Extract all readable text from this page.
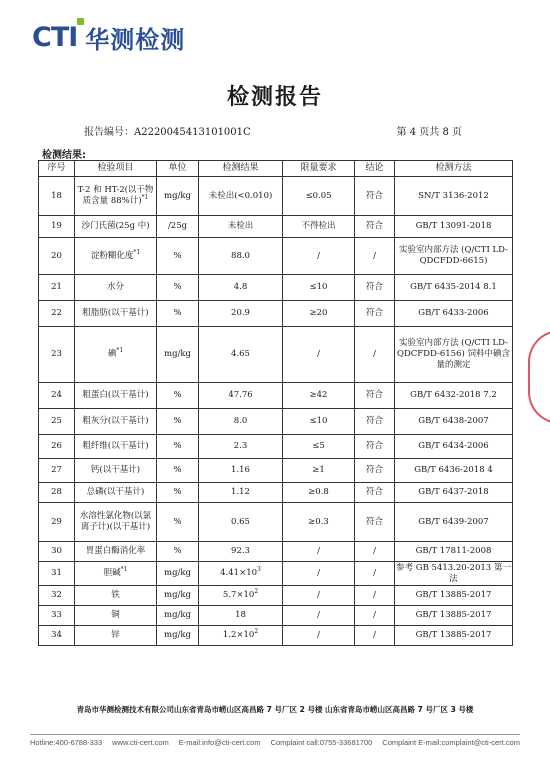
CTI 华测检测
检测报告
报告编号：A2220045413101001C	第 4 页共 8 页
检测结果:
序号	检验项目	单位	检测结果	限量要求	结论	检测方法
18	T-2 和 HT-2(以干物质含量 88%计)$^{*1}$	mg/kg	未检出(<0.010)	≤0.05	符合	SN/T 3136-2012
19	沙门氏菌(25g 中)	/25g	未检出	不得检出	符合	GB/T 13091-2018
20	淀粉糊化度$^{*1}$	%	88.0	/	/	实验室内部方法 (Q/CTI LD-QDCFDD-6615)
21	水分	%	4.8	≤10	符合	GB/T 6435-2014 8.1
22	粗脂肪(以干基计)	%	20.9	≥20	符合	GB/T 6433-2006
23	碘$^{*1}$	mg/kg	4.65	/	/	实验室内部方法 (Q/CTI LD-QDCFDD-6156) 饲料中碘含量的测定
24	粗蛋白(以干基计)	%	47.76	≥42	符合	GB/T 6432-2018 7.2
25	粗灰分(以干基计)	%	8.0	≤10	符合	GB/T 6438-2007
26	粗纤维(以干基计)	%	2.3	≤5	符合	GB/T 6434-2006
27	钙(以干基计)	%	1.16	≥1	符合	GB/T 6436-2018 4
28	总磷(以干基计)	%	1.12	≥0.8	符合	GB/T 6437-2018
29	水溶性氯化物(以氯离子计)(以干基计)	%	0.65	≥0.3	符合	GB/T 6439-2007
30	胃蛋白酶消化率	%	92.3	/	/	GB/T 17811-2008
31	胆碱$^{*1}$	mg/kg	$4.41\times 10^3$	/	/	参考 GB 5413.20-2013 第一法
32	铁	mg/kg	$5.7\times 10^2$	/	/	GB/T 13885-2017
33	铜	mg/kg	18	/	/	GB/T 13885-2017
34	锌	mg/kg	$1.2\times 10^2$	/	/	GB/T 13885-2017
青岛市华测检测技术有限公司山东省青岛市崂山区高昌路 7 号厂区 2 号楼 山东省青岛市崂山区高昌路 7 号厂区 3 号楼
Hotline:400-6788-333 www.cti-cert.com E-mail:info@cti-cert.com Complaint call:0755-33681700 Complaint E-mail:complaint@cti-cert.com
